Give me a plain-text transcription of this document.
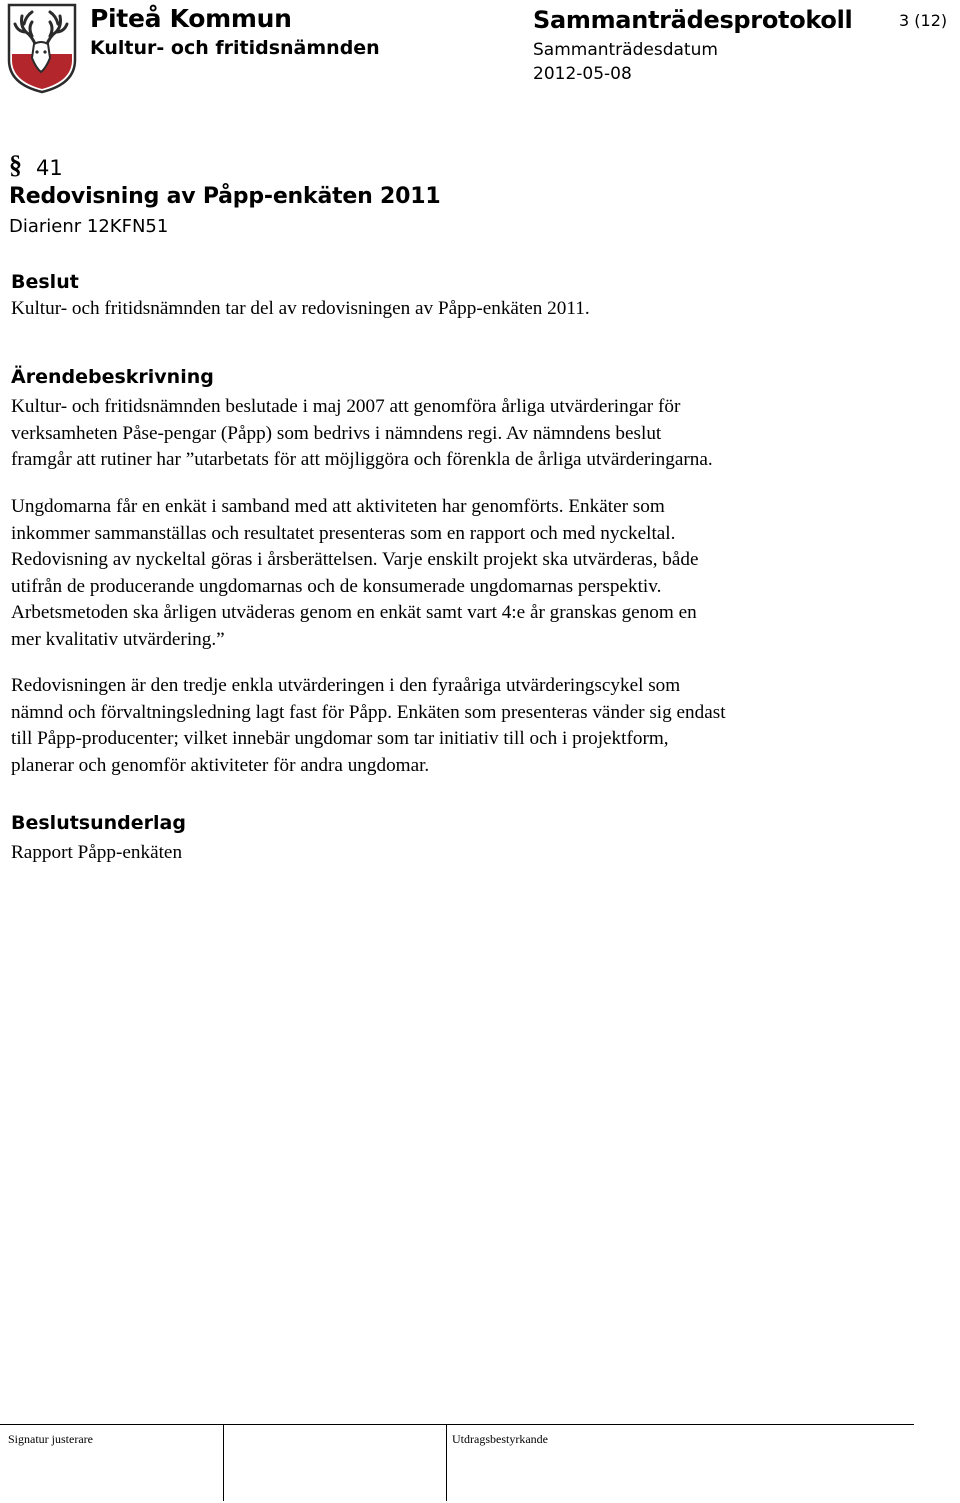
Piteå Kommun
Kultur- och fritidsnämnden
Sammanträdesprotokoll
Sammanträdesdatum
2012-05-08
3 (12)
§ 41
Redovisning av Påpp-enkäten 2011
Diarienr 12KFN51
Beslut

Kultur- och fritidsnämnden tar del av redovisningen av Påpp-enkäten 2011.

Ärendebeskrivning

Kultur- och fritidsnämnden beslutade i maj 2007 att genomföra årliga utvärderingar för
verksamheten Påse-pengar (Påpp) som bedrivs i nämndens regi. Av nämndens beslut
framgår att rutiner har ”utarbetats för att möjliggöra och förenkla de årliga utvärderingarna.

Ungdomarna får en enkät i samband med att aktiviteten har genomförts. Enkäter som
inkommer sammanställas och resultatet presenteras som en rapport och med nyckeltal.
Redovisning av nyckeltal göras i årsberättelsen. Varje enskilt projekt ska utvärderas, både
utifrån de producerande ungdomarnas och de konsumerade ungdomarnas perspektiv.
Arbetsmetoden ska årligen utväderas genom en enkät samt vart 4:e år granskas genom en
mer kvalitativ utvärdering.”

Redovisningen är den tredje enkla utvärderingen i den fyraåriga utvärderingscykel som
nämnd och förvaltningsledning lagt fast för Påpp. Enkäten som presenteras vänder sig endast
till Påpp-producenter; vilket innebär ungdomar som tar initiativ till och i projektform,
planerar och genomför aktiviteter för andra ungdomar.

Beslutsunderlag

Rapport Påpp-enkäten

Signatur justerare	Utdragsbestyrkande
